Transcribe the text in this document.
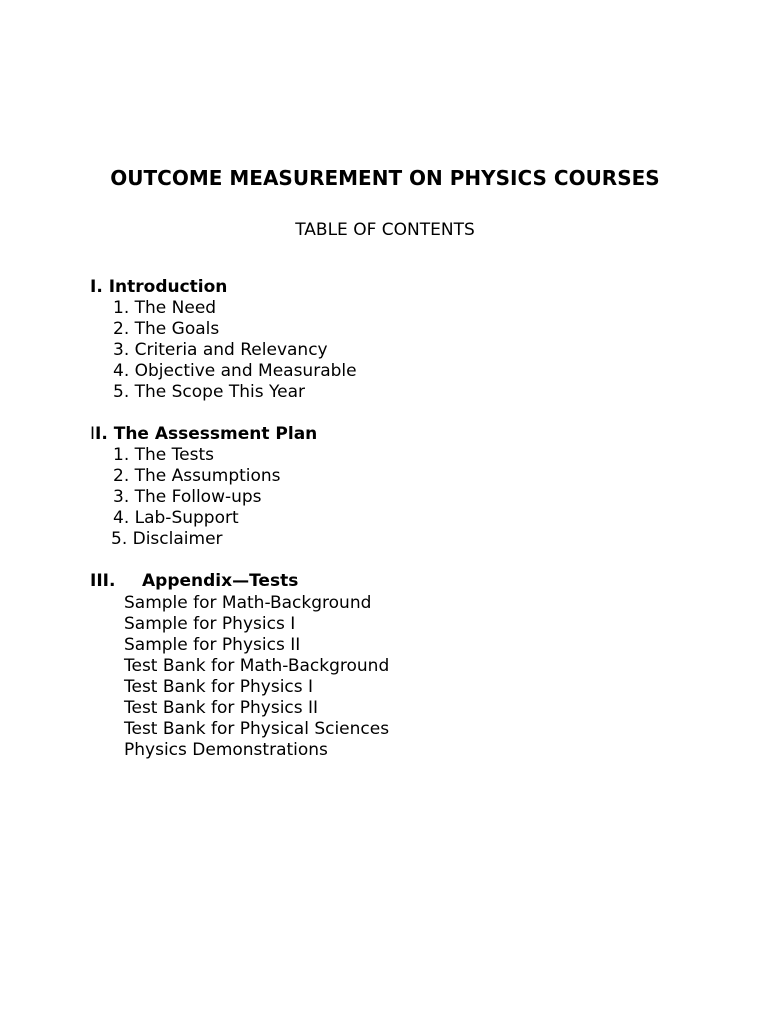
OUTCOME MEASUREMENT ON PHYSICS COURSES
TABLE OF CONTENTS
I. Introduction
1. The Need
2. The Goals
3. Criteria and Relevancy
4. Objective and Measurable
5. The Scope This Year
II. The Assessment Plan
1. The Tests
2. The Assumptions
3. The Follow-ups
4. Lab-Support
5. Disclaimer
III. Appendix—Tests
Sample for Math-Background
Sample for Physics I
Sample for Physics II
Test Bank for Math-Background
Test Bank for Physics I
Test Bank for Physics II
Test Bank for Physical Sciences
Physics Demonstrations
